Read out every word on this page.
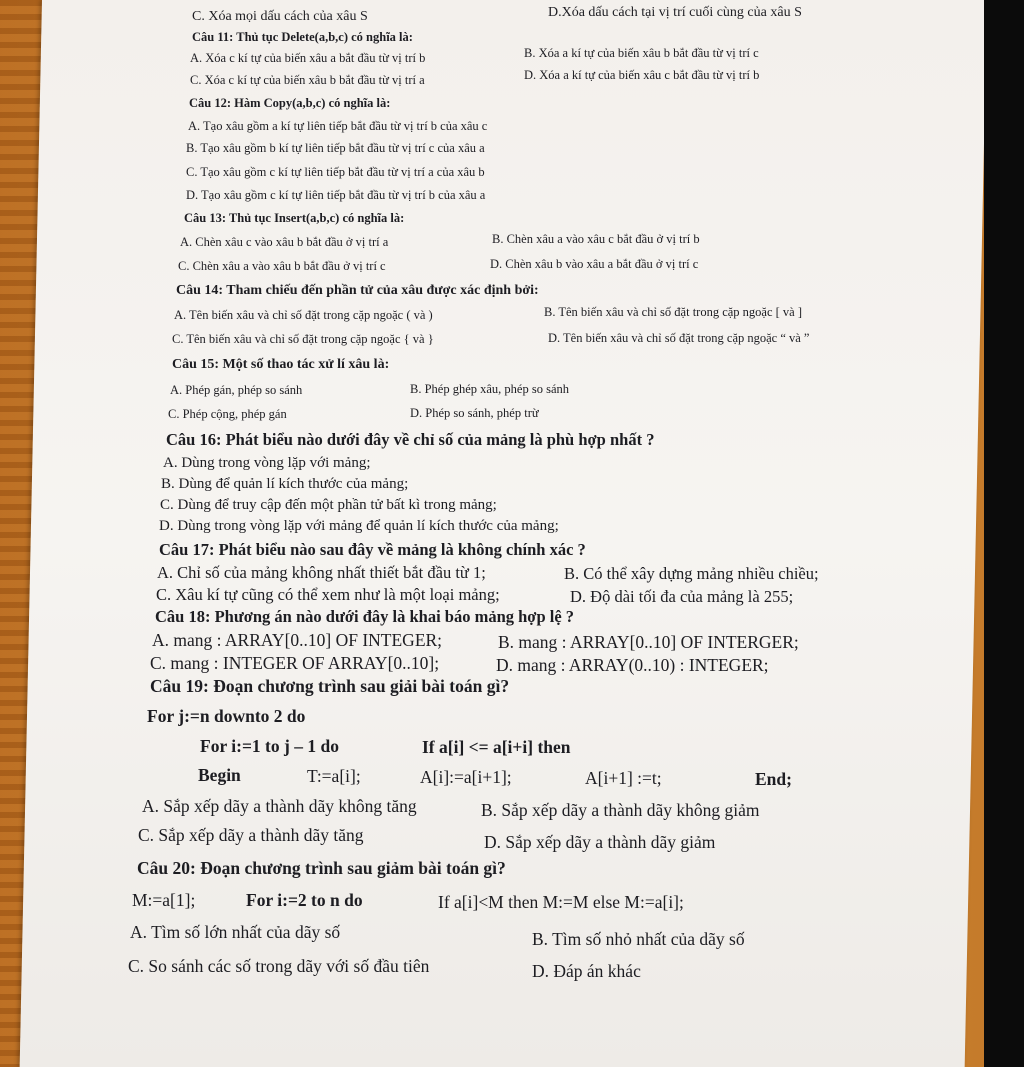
C. Xóa mọi dấu cách của xâu S	D.Xóa dấu cách tại vị trí cuối cùng của xâu S
Câu 11: Thủ tục Delete(a,b,c) có nghĩa là:
A. Xóa c kí tự của biến xâu a bắt đầu từ vị trí b	B. Xóa a kí tự của biến xâu b bắt đầu từ vị trí c
C. Xóa c kí tự của biến xâu b bắt đầu từ vị trí a	D. Xóa a kí tự của biến xâu c bắt đầu từ vị trí b
Câu 12: Hàm Copy(a,b,c) có nghĩa là:
A. Tạo xâu gồm a kí tự liên tiếp bắt đầu từ vị trí b của xâu c
B. Tạo xâu gồm b kí tự liên tiếp bắt đầu từ vị trí c của xâu a
C. Tạo xâu gồm c kí tự liên tiếp bắt đầu từ vị trí a của xâu b
D. Tạo xâu gồm c kí tự liên tiếp bắt đầu từ vị trí b của xâu a
Câu 13: Thủ tục Insert(a,b,c) có nghĩa là:
A. Chèn xâu c vào xâu b bắt đầu ở vị trí a	B. Chèn xâu a vào xâu c bắt đầu ở vị trí b
C. Chèn xâu a vào xâu b bắt đầu ở vị trí c	D. Chèn xâu b vào xâu a bắt đầu ở vị trí c
Câu 14: Tham chiếu đến phần tử của xâu được xác định bởi:
A. Tên biến xâu và chỉ số đặt trong cặp ngoặc ( và )	B. Tên biến xâu và chỉ số đặt trong cặp ngoặc [ và ]
C. Tên biến xâu và chỉ số đặt trong cặp ngoặc { và }	D. Tên biến xâu và chỉ số đặt trong cặp ngoặc “ và ”
Câu 15: Một số thao tác xử lí xâu là:
A. Phép gán, phép so sánh	B. Phép ghép xâu, phép so sánh
C. Phép cộng, phép gán	D. Phép so sánh, phép trừ
Câu 16: Phát biểu nào dưới đây về chỉ số của mảng là phù hợp nhất ?
A. Dùng trong vòng lặp với mảng;
B. Dùng để quản lí kích thước của mảng;
C. Dùng để truy cập đến một phần tử bất kì trong mảng;
D. Dùng trong vòng lặp với mảng để quản lí kích thước của mảng;
Câu 17: Phát biểu nào sau đây về mảng là không chính xác ?
A. Chỉ số của mảng không nhất thiết bắt đầu từ 1;	B. Có thể xây dựng mảng nhiều chiều;
C. Xâu kí tự cũng có thể xem như là một loại mảng;	D. Độ dài tối đa của mảng là 255;
Câu 18: Phương án nào dưới đây là khai báo mảng hợp lệ ?
A. mang : ARRAY[0..10] OF INTEGER;	B. mang : ARRAY[0..10] OF INTERGER;
C. mang : INTEGER OF ARRAY[0..10];	D. mang : ARRAY(0..10) : INTEGER;
Câu 19: Đoạn chương trình sau giải bài toán gì?
For j:=n downto 2 do
For i:=1 to j – 1 do	If a[i] <= a[i+i] then
Begin	T:=a[i];	A[i]:=a[i+1];	A[i+1] :=t;	End;
A. Sắp xếp dãy a thành dãy không tăng	B. Sắp xếp dãy a thành dãy không giảm
C. Sắp xếp dãy a thành dãy tăng	D. Sắp xếp dãy a thành dãy giảm
Câu 20: Đoạn chương trình sau giảm bài toán gì?
M:=a[1];	For i:=2 to n do	If a[i]<M then M:=M else M:=a[i];
A. Tìm số lớn nhất của dãy số	B. Tìm số nhỏ nhất của dãy số
C. So sánh các số trong dãy với số đầu tiên	D. Đáp án khác
